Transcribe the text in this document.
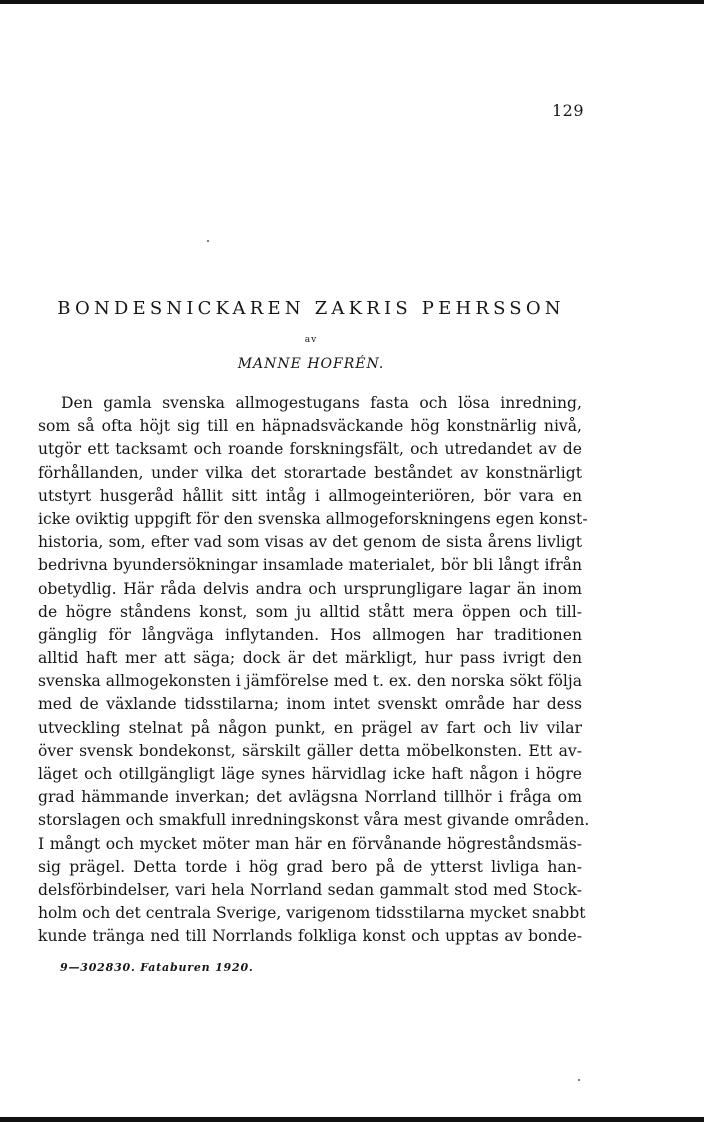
129
BONDESNICKAREN ZAKRIS PEHRSSON
av
MANNE HOFRÉN.
Den gamla svenska allmogestugans fasta och lösa inredning,
som så ofta höjt sig till en häpnadsväckande hög konstnärlig nivå,
utgör ett tacksamt och roande forskningsfält, och utredandet av de
förhållanden, under vilka det storartade beståndet av konstnärligt
utstyrt husgeråd hållit sitt intåg i allmogeinteriören, bör vara en
icke oviktig uppgift för den svenska allmogeforskningens egen konst-
historia, som, efter vad som visas av det genom de sista årens livligt
bedrivna byundersökningar insamlade materialet, bör bli långt ifrån
obetydlig. Här råda delvis andra och ursprungligare lagar än inom
de högre ståndens konst, som ju alltid stått mera öppen och till-
gänglig för långväga inflytanden. Hos allmogen har traditionen
alltid haft mer att säga; dock är det märkligt, hur pass ivrigt den
svenska allmogekonsten i jämförelse med t. ex. den norska sökt följa
med de växlande tidsstilarna; inom intet svenskt område har dess
utveckling stelnat på någon punkt, en prägel av fart och liv vilar
över svensk bondekonst, särskilt gäller detta möbelkonsten. Ett av-
läget och otillgängligt läge synes härvidlag icke haft någon i högre
grad hämmande inverkan; det avlägsna Norrland tillhör i fråga om
storslagen och smakfull inredningskonst våra mest givande områden.
I mångt och mycket möter man här en förvånande högreståndsmäs-
sig prägel. Detta torde i hög grad bero på de ytterst livliga han-
delsförbindelser, vari hela Norrland sedan gammalt stod med Stock-
holm och det centrala Sverige, varigenom tidsstilarna mycket snabbt
kunde tränga ned till Norrlands folkliga konst och upptas av bonde-
9—302830. Fataburen 1920.
